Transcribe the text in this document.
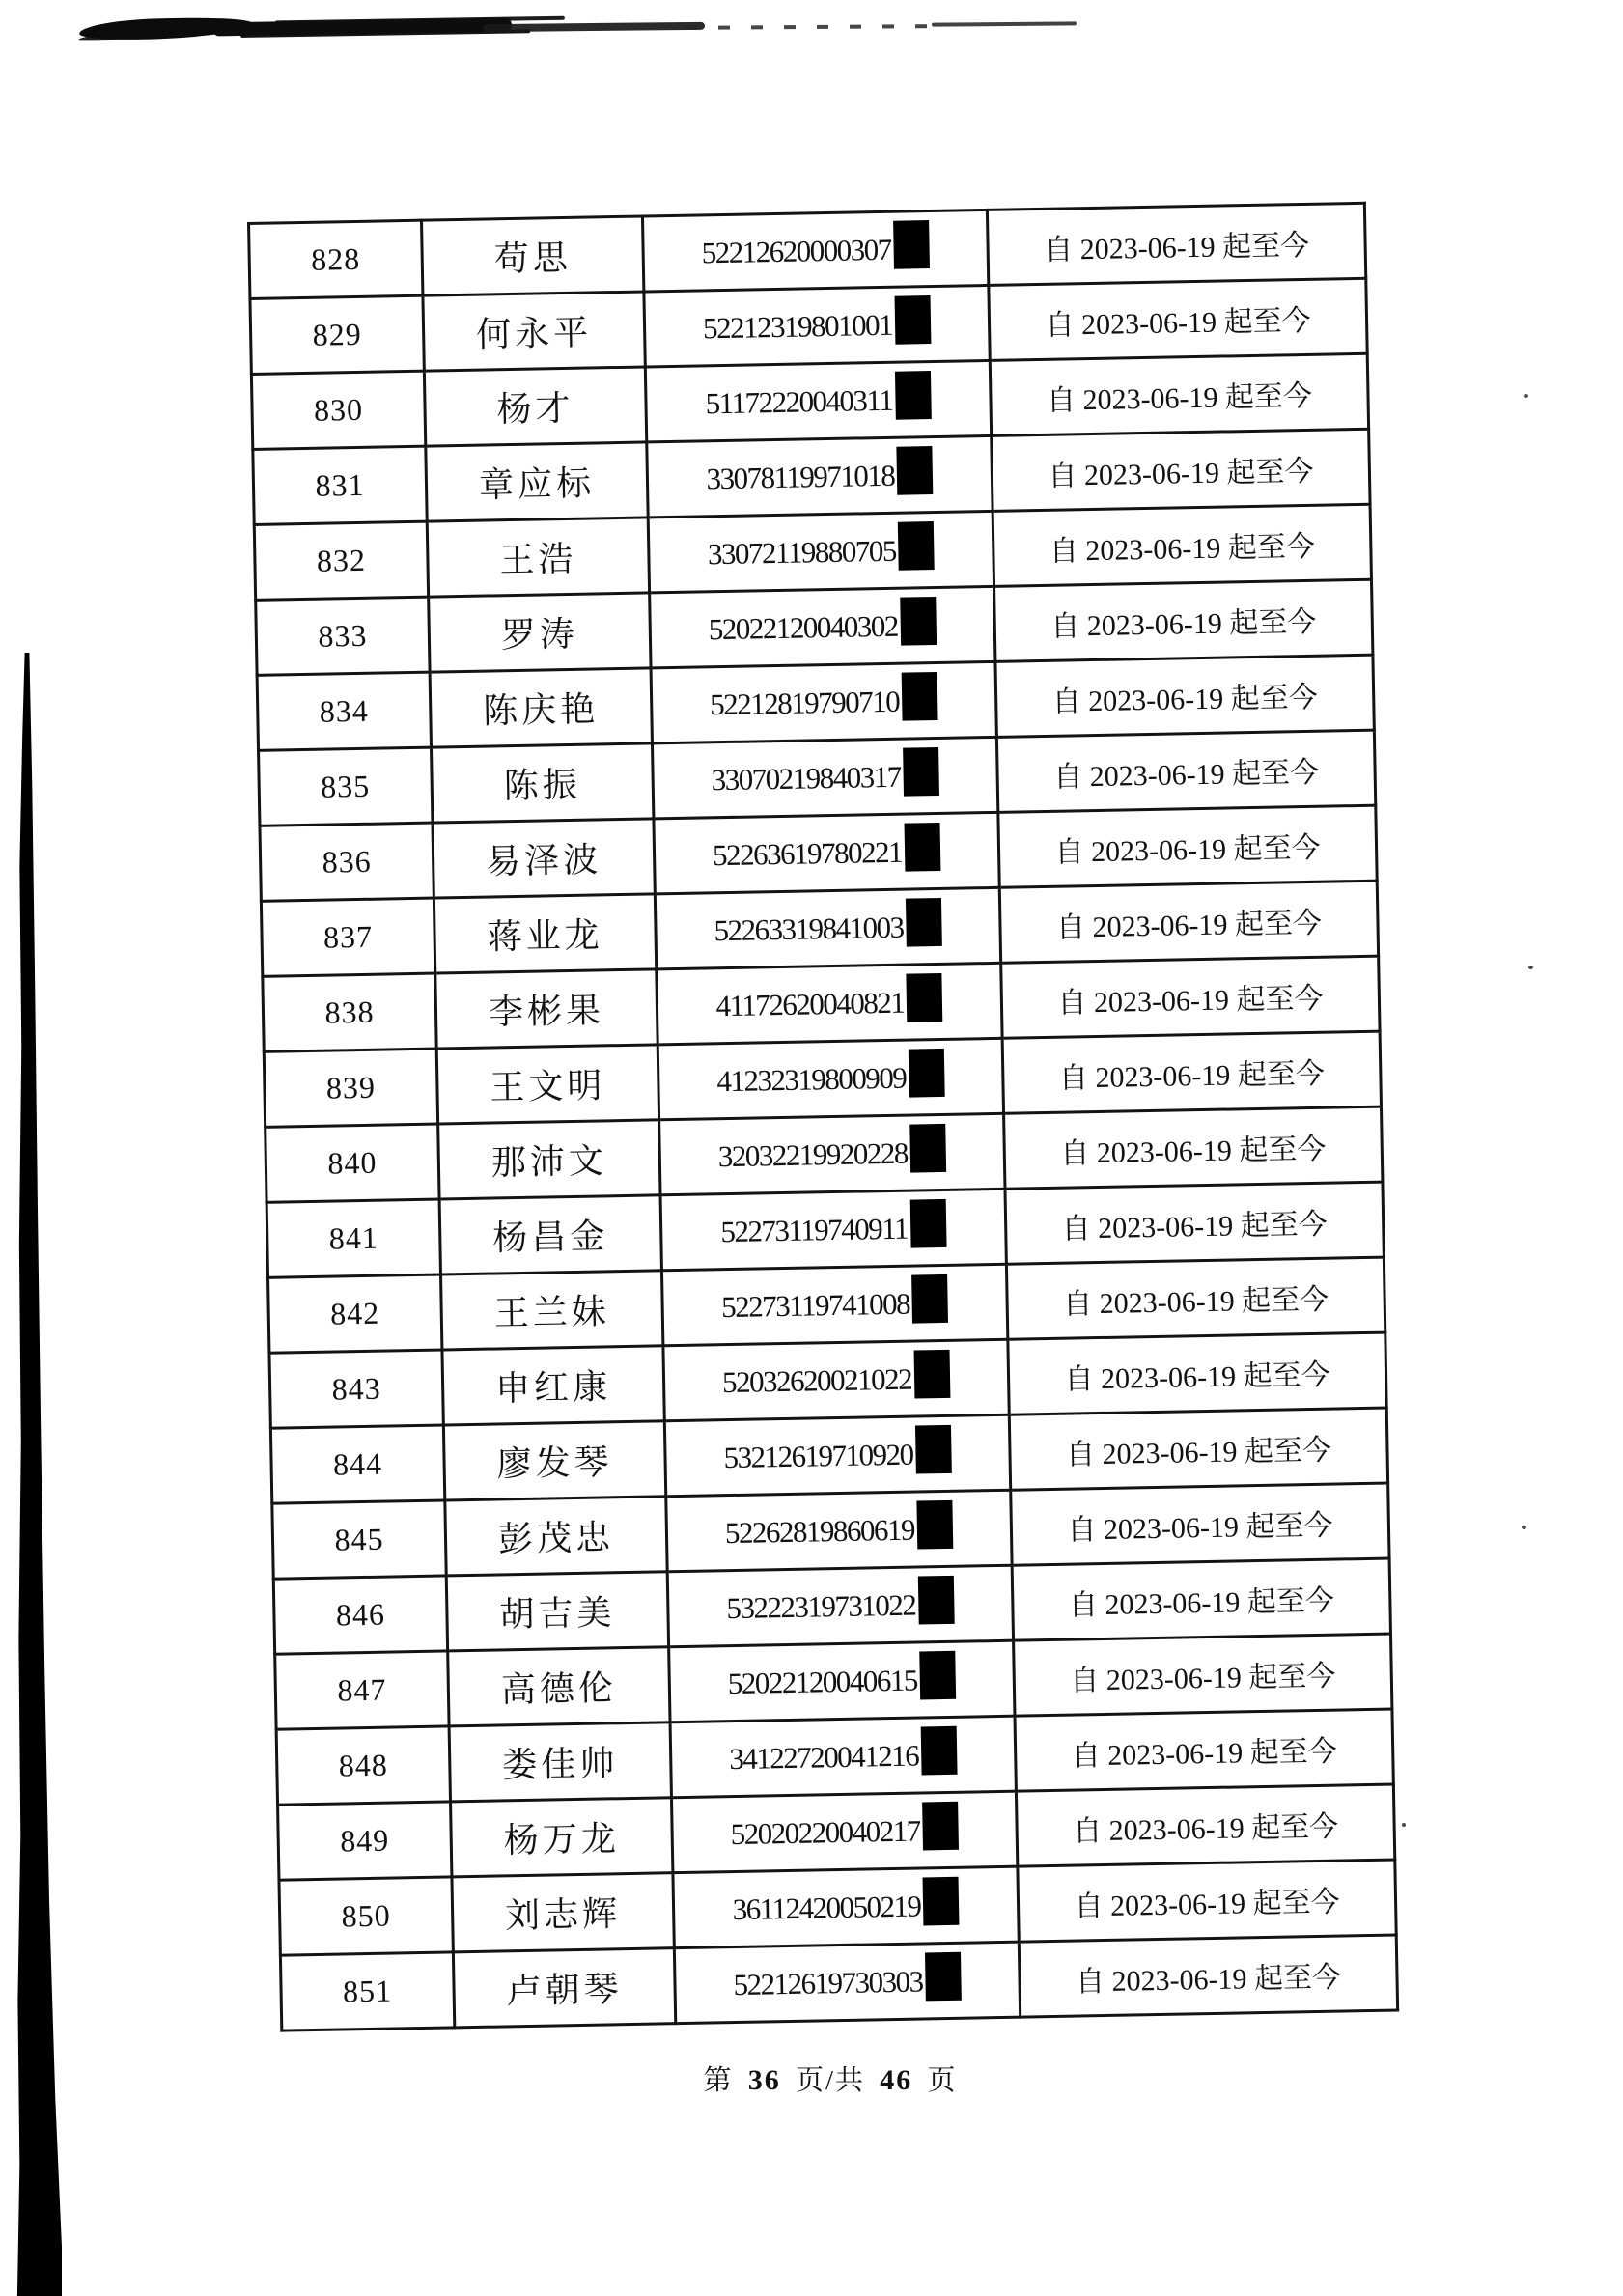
828	苟思	52212620000307	自 2023-06-19 起至今
829	何永平	52212319801001	自 2023-06-19 起至今
830	杨才	51172220040311	自 2023-06-19 起至今
831	章应标	33078119971018	自 2023-06-19 起至今
832	王浩	33072119880705	自 2023-06-19 起至今
833	罗涛	52022120040302	自 2023-06-19 起至今
834	陈庆艳	52212819790710	自 2023-06-19 起至今
835	陈振	33070219840317	自 2023-06-19 起至今
836	易泽波	52263619780221	自 2023-06-19 起至今
837	蒋业龙	52263319841003	自 2023-06-19 起至今
838	李彬果	41172620040821	自 2023-06-19 起至今
839	王文明	41232319800909	自 2023-06-19 起至今
840	那沛文	32032219920228	自 2023-06-19 起至今
841	杨昌金	52273119740911	自 2023-06-19 起至今
842	王兰妹	52273119741008	自 2023-06-19 起至今
843	申红康	52032620021022	自 2023-06-19 起至今
844	廖发琴	53212619710920	自 2023-06-19 起至今
845	彭茂忠	52262819860619	自 2023-06-19 起至今
846	胡吉美	53222319731022	自 2023-06-19 起至今
847	高德伦	52022120040615	自 2023-06-19 起至今
848	娄佳帅	34122720041216	自 2023-06-19 起至今
849	杨万龙	52020220040217	自 2023-06-19 起至今
850	刘志辉	36112420050219	自 2023-06-19 起至今
851	卢朝琴	52212619730303	自 2023-06-19 起至今
第 36 页/共 46 页
